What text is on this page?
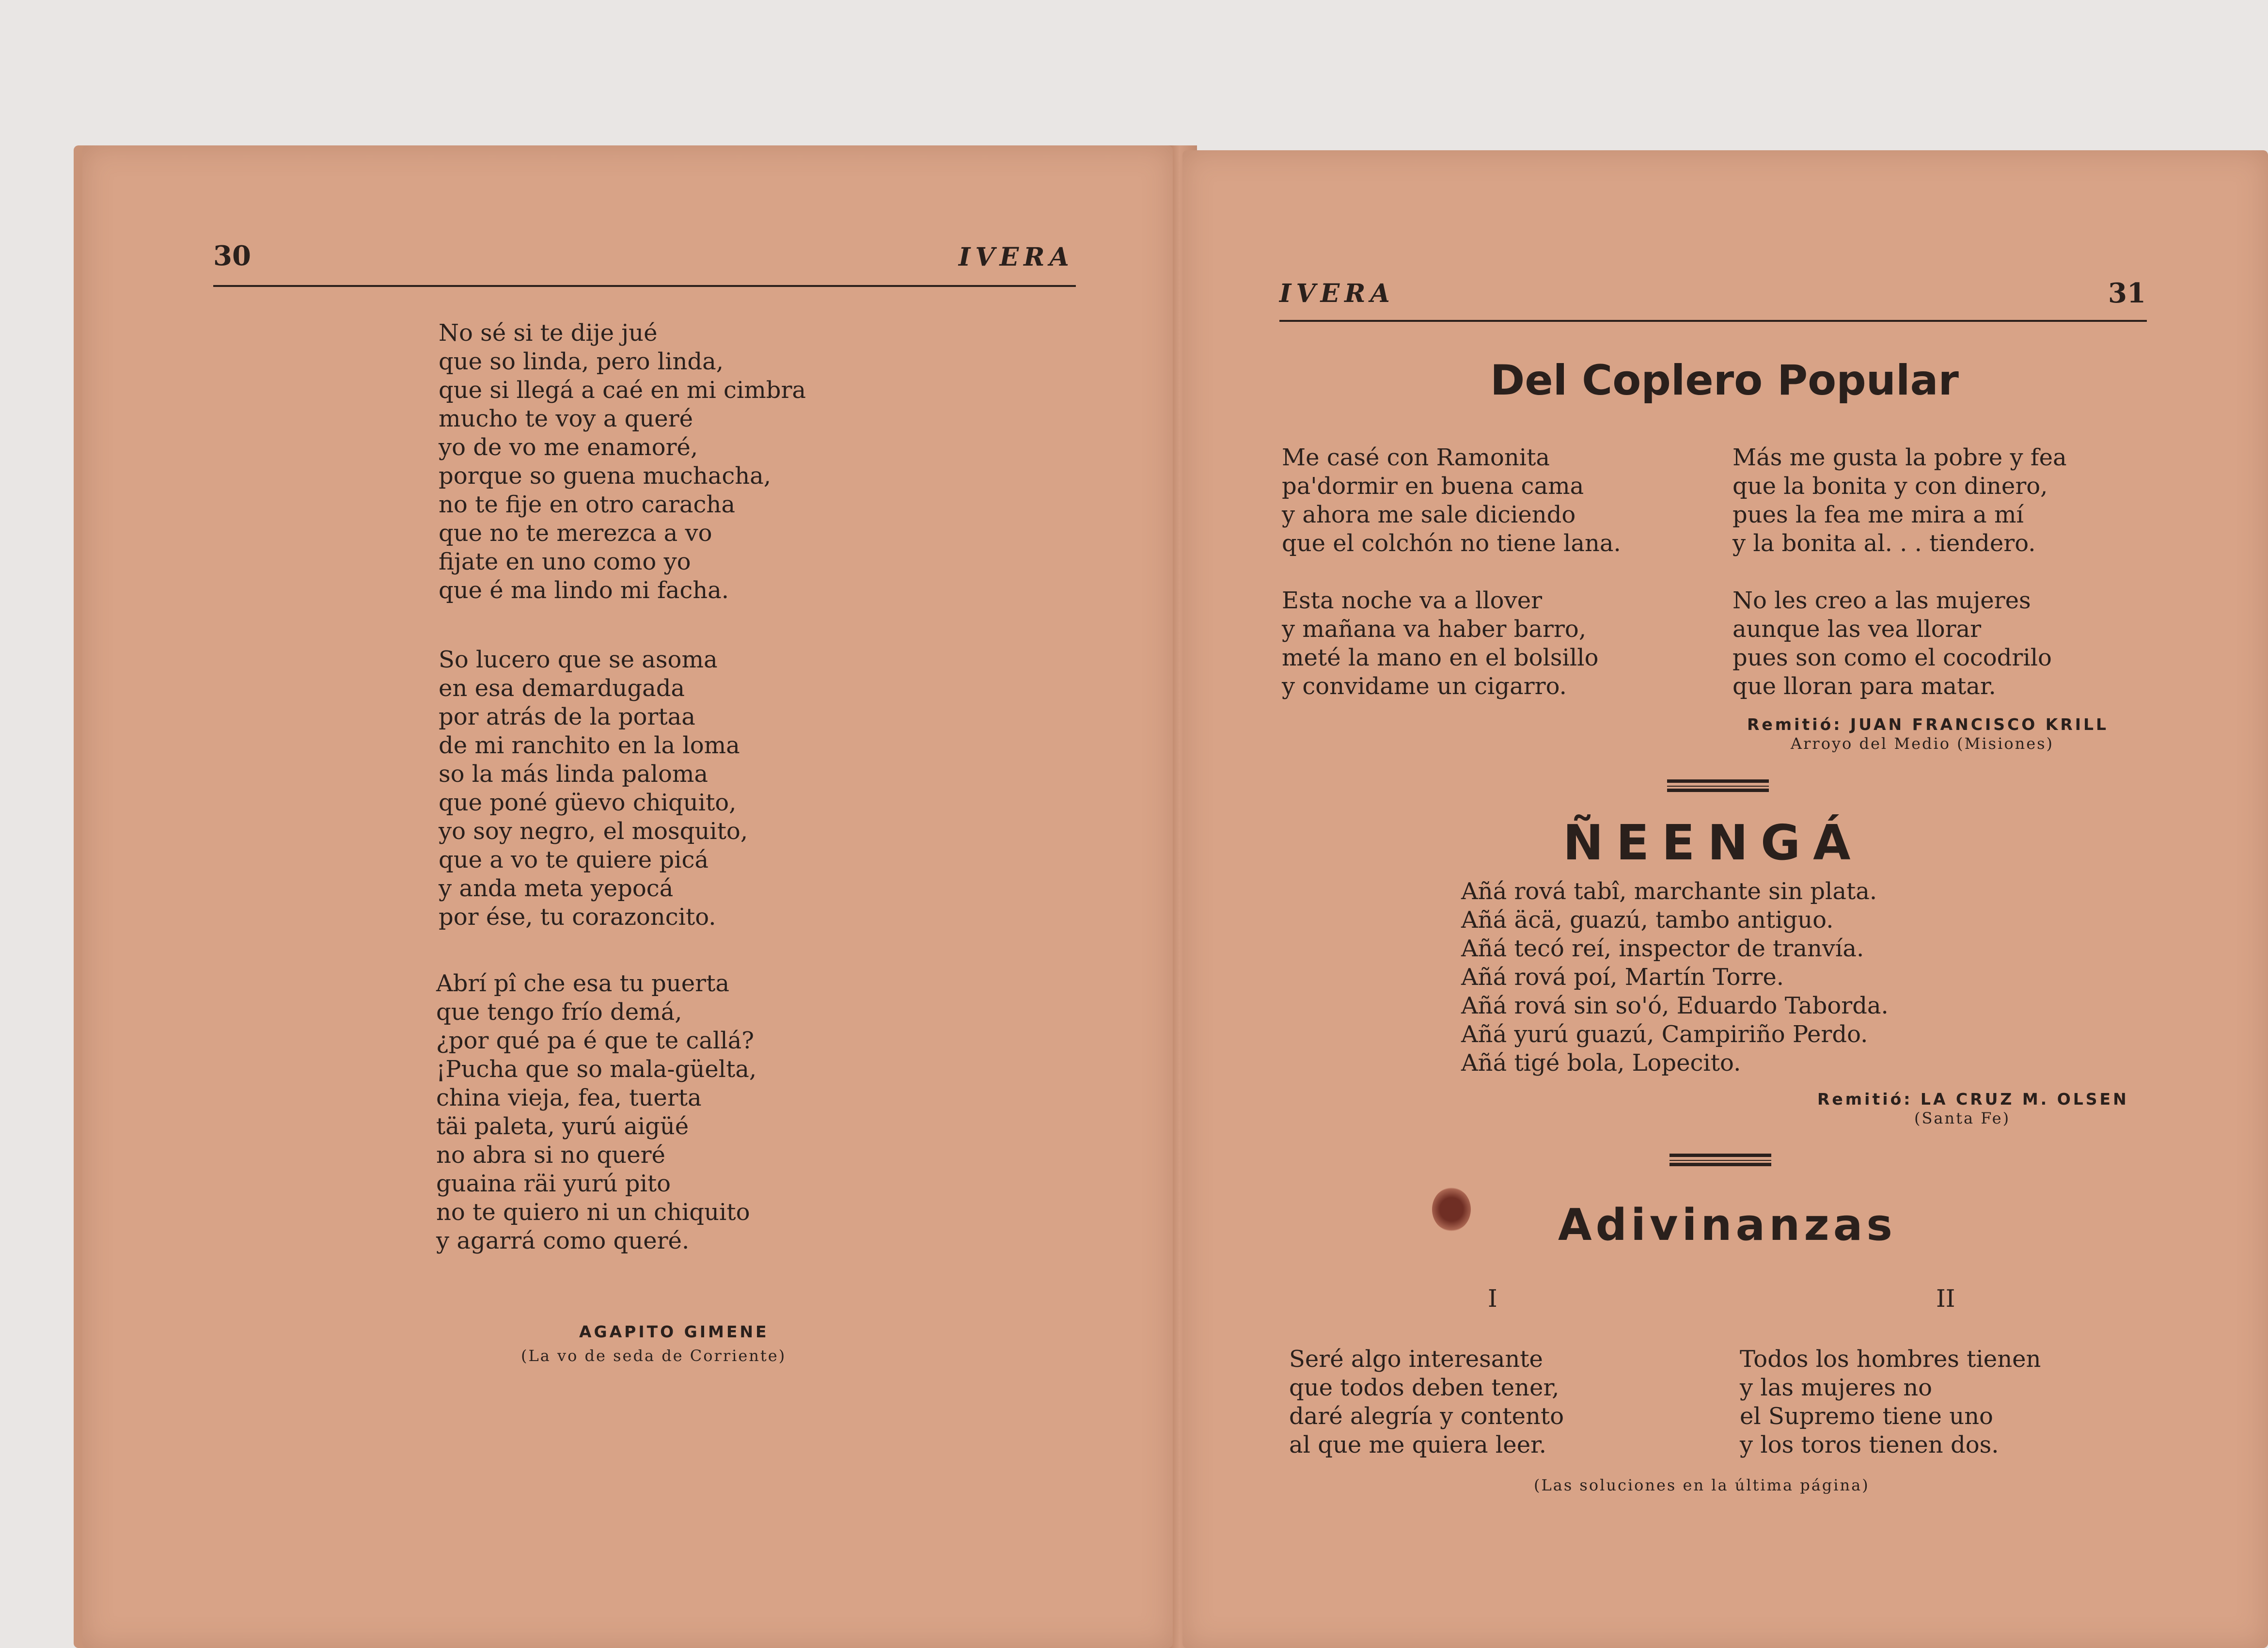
30	IVERA
No sé si te dije jué
que so linda, pero linda,
que si llegá a caé en mi cimbra
mucho te voy a queré
yo de vo me enamoré,
porque so guena muchacha,
no te fije en otro caracha
que no te merezca a vo
fijate en uno como yo
que é ma lindo mi facha.
So lucero que se asoma
en esa demardugada
por atrás de la portaa
de mi ranchito en la loma
so la más linda paloma
que poné güevo chiquito,
yo soy negro, el mosquito,
que a vo te quiere picá
y anda meta yepocá
por ése, tu corazoncito.
Abrí pî che esa tu puerta
que tengo frío demá,
¿por qué pa é que te callá?
¡Pucha que so mala-güelta,
china vieja, fea, tuerta
täi paleta, yurú aigüé
no abra si no queré
guaina räi yurú pito
no te quiero ni un chiquito
y agarrá como queré.
AGAPITO GIMENE
(La vo de seda de Corriente)
IVERA	31
Del Coplero Popular
Me casé con Ramonita
pa'dormir en buena cama
y ahora me sale diciendo
que el colchón no tiene lana.
Esta noche va a llover
y mañana va haber barro,
meté la mano en el bolsillo
y convidame un cigarro.
Más me gusta la pobre y fea
que la bonita y con dinero,
pues la fea me mira a mí
y la bonita al. . . tiendero.
No les creo a las mujeres
aunque las vea llorar
pues son como el cocodrilo
que lloran para matar.
Remitió: JUAN FRANCISCO KRILL
Arroyo del Medio (Misiones)
ÑEENGÁ
Añá rová tabî, marchante sin plata.
Añá äcä, guazú, tambo antiguo.
Añá tecó reí, inspector de tranvía.
Añá rová poí, Martín Torre.
Añá rová sin so'ó, Eduardo Taborda.
Añá yurú guazú, Campiriño Perdo.
Añá tigé bola, Lopecito.
Remitió: LA CRUZ M. OLSEN
(Santa Fe)
Adivinanzas
I	II
Seré algo interesante
que todos deben tener,
daré alegría y contento
al que me quiera leer.
Todos los hombres tienen
y las mujeres no
el Supremo tiene uno
y los toros tienen dos.
(Las soluciones en la última página)
